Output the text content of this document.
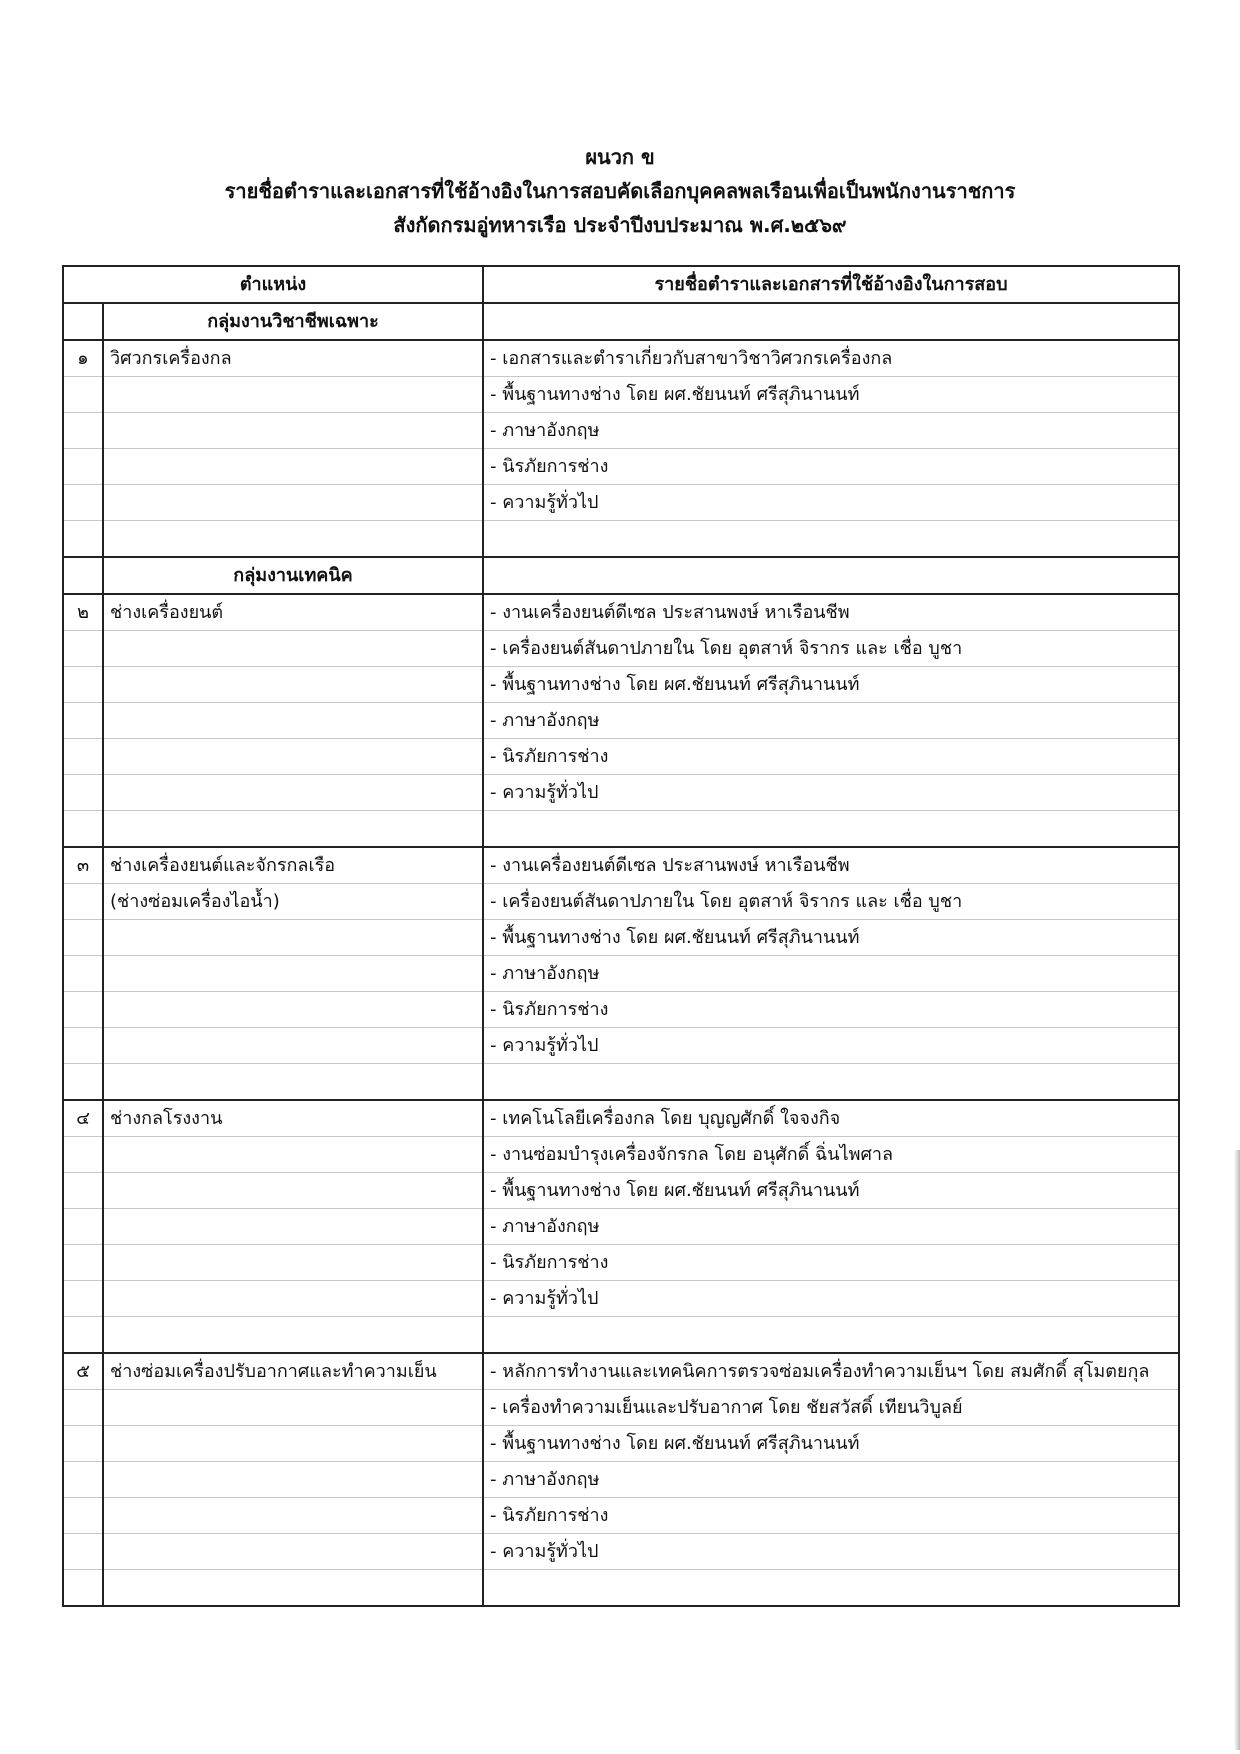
ผนวก ข
รายชื่อตำราและเอกสารที่ใช้อ้างอิงในการสอบคัดเลือกบุคคลพลเรือนเพื่อเป็นพนักงานราชการ
สังกัดกรมอู่ทหารเรือ ประจำปีงบประมาณ พ.ศ.๒๕๖๙
ตำแหน่ง		รายชื่อตำราและเอกสารที่ใช้อ้างอิงในการสอบ
	กลุ่มงานวิชาชีพเฉพาะ	
๑	วิศวกรเครื่องกล	- เอกสารและตำราเกี่ยวกับสาขาวิชาวิศวกรเครื่องกล
		- พื้นฐานทางช่าง โดย ผศ.ชัยนนท์ ศรีสุภินานนท์
		- ภาษาอังกฤษ
		- นิรภัยการช่าง
		- ความรู้ทั่วไป

	กลุ่มงานเทคนิค	
๒	ช่างเครื่องยนต์	- งานเครื่องยนต์ดีเซล ประสานพงษ์ หาเรือนชีพ
		- เครื่องยนต์สันดาปภายใน โดย อุตสาห์ จิรากร และ เชื่อ บูชา
		- พื้นฐานทางช่าง โดย ผศ.ชัยนนท์ ศรีสุภินานนท์
		- ภาษาอังกฤษ
		- นิรภัยการช่าง
		- ความรู้ทั่วไป

๓	ช่างเครื่องยนต์และจักรกลเรือ	- งานเครื่องยนต์ดีเซล ประสานพงษ์ หาเรือนชีพ
	(ช่างซ่อมเครื่องไอน้ำ)	- เครื่องยนต์สันดาปภายใน โดย อุตสาห์ จิรากร และ เชื่อ บูชา
		- พื้นฐานทางช่าง โดย ผศ.ชัยนนท์ ศรีสุภินานนท์
		- ภาษาอังกฤษ
		- นิรภัยการช่าง
		- ความรู้ทั่วไป

๔	ช่างกลโรงงาน	- เทคโนโลยีเครื่องกล โดย บุญญศักดิ์ ใจจงกิจ
		- งานซ่อมบำรุงเครื่องจักรกล โดย อนุศักดิ์ ฉิ่นไพศาล
		- พื้นฐานทางช่าง โดย ผศ.ชัยนนท์ ศรีสุภินานนท์
		- ภาษาอังกฤษ
		- นิรภัยการช่าง
		- ความรู้ทั่วไป

๕	ช่างซ่อมเครื่องปรับอากาศและทำความเย็น	- หลักการทำงานและเทคนิคการตรวจซ่อมเครื่องทำความเย็นฯ โดย สมศักดิ์ สุโมตยกุล
		- เครื่องทำความเย็นและปรับอากาศ โดย ชัยสวัสดิ์ เทียนวิบูลย์
		- พื้นฐานทางช่าง โดย ผศ.ชัยนนท์ ศรีสุภินานนท์
		- ภาษาอังกฤษ
		- นิรภัยการช่าง
		- ความรู้ทั่วไป
